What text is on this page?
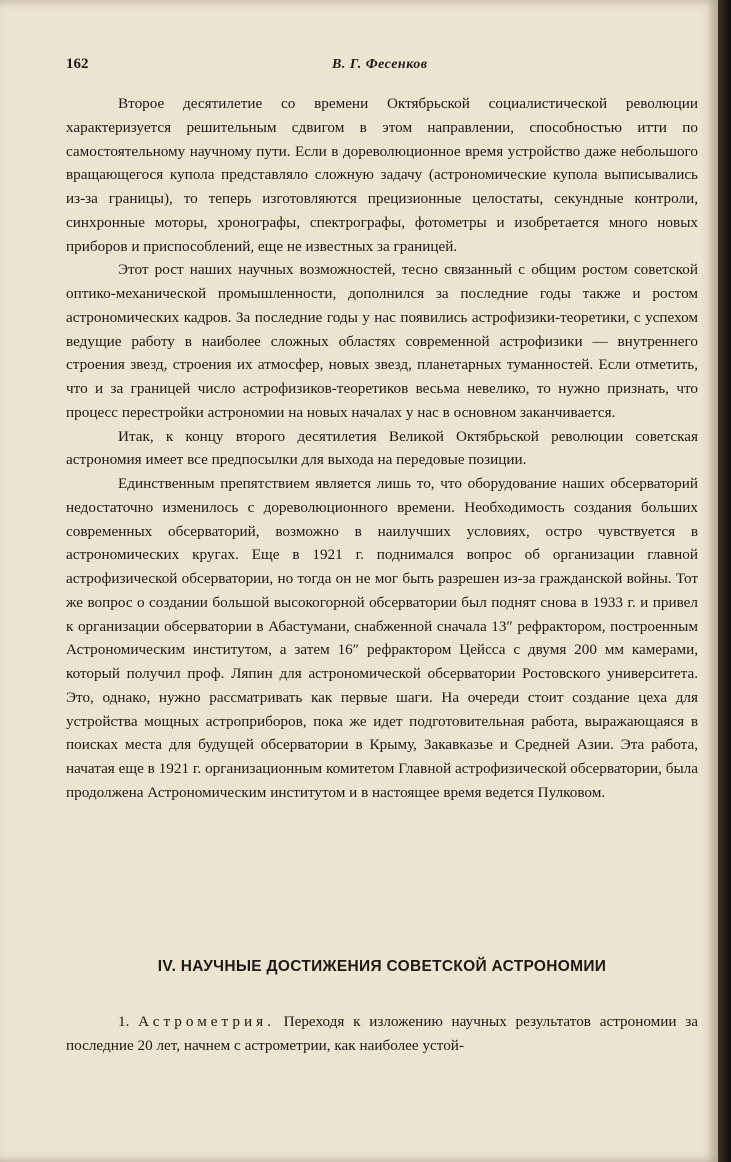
162	В. Г. Фесенков

Второе десятилетие со времени Октябрьской социалистической революции характеризуется решительным сдвигом в этом направлении, способностью итти по самостоятельному научному пути. Если в дореволюционное время устройство даже небольшого вращающегося купола представляло сложную задачу (астрономические купола выписывались из-за границы), то теперь изготовляются прецизионные целостаты, секундные контроли, синхронные моторы, хронографы, спектрографы, фотометры и изобретается много новых приборов и приспособлений, еще не известных за границей.

Этот рост наших научных возможностей, тесно связанный с общим ростом советской оптико-механической промышленности, дополнился за последние годы также и ростом астрономических кадров. За последние годы у нас появились астрофизики-теоретики, с успехом ведущие работу в наиболее сложных областях современной астрофизики — внутреннего строения звезд, строения их атмосфер, новых звезд, планетарных туманностей. Если отметить, что и за границей число астрофизиков-теоретиков весьма невелико, то нужно признать, что процесс перестройки астрономии на новых началах у нас в основном заканчивается.

Итак, к концу второго десятилетия Великой Октябрьской революции советская астрономия имеет все предпосылки для выхода на передовые позиции.

Единственным препятствием является лишь то, что оборудование наших обсерваторий недостаточно изменилось с дореволюционного времени. Необходимость создания больших современных обсерваторий, возможно в наилучших условиях, остро чувствуется в астрономических кругах. Еще в 1921 г. поднимался вопрос об организации главной астрофизической обсерватории, но тогда он не мог быть разрешен из-за гражданской войны. Тот же вопрос о создании большой высокогорной обсерватории был поднят снова в 1933 г. и привел к организации обсерватории в Абастумани, снабженной сначала 13″ рефрактором, построенным Астрономическим институтом, а затем 16″ рефрактором Цейсса с двумя 200 мм камерами, который получил проф. Ляпин для астрономической обсерватории Ростовского университета. Это, однако, нужно рассматривать как первые шаги. На очереди стоит создание цеха для устройства мощных астроприборов, пока же идет подготовительная работа, выражающаяся в поисках места для будущей обсерватории в Крыму, Закавказье и Средней Азии. Эта работа, начатая еще в 1921 г. организационным комитетом Главной астрофизической обсерватории, была продолжена Астрономическим институтом и в настоящее время ведется Пулковом.

IV. НАУЧНЫЕ ДОСТИЖЕНИЯ СОВЕТСКОЙ АСТРОНОМИИ

1. Астрометрия. Переходя к изложению научных результатов астрономии за последние 20 лет, начнем с астрометрии, как наиболее устой-
